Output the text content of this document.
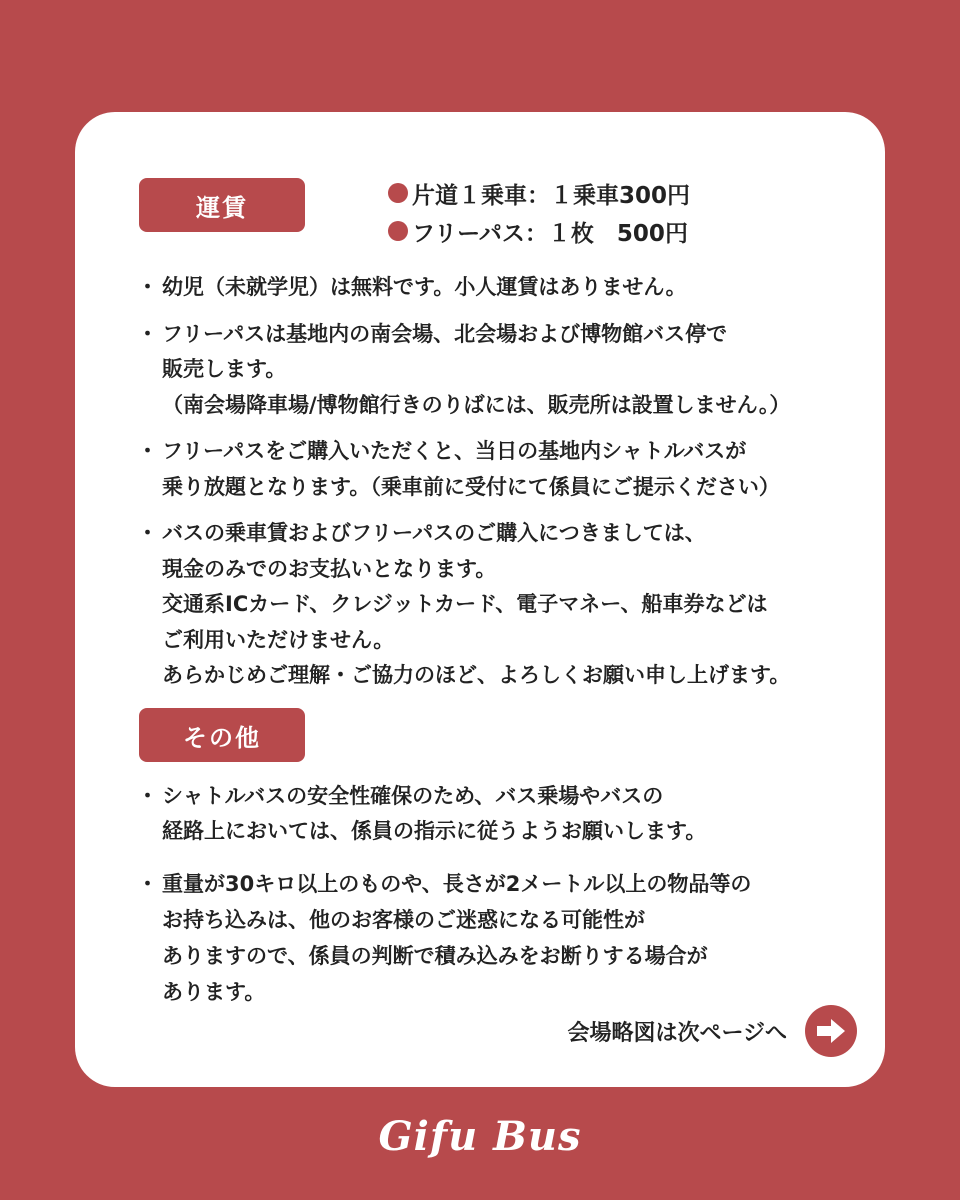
運賃	片道１乗車：１乗車300円
フリーパス：１枚　500円
・ 幼児（未就学児）は無料です。小人運賃はありません。
・ フリーパスは基地内の南会場、北会場および博物館バス停で
販売します。
（南会場降車場/博物館行きのりばには、販売所は設置しません。）
・ フリーパスをご購入いただくと、当日の基地内シャトルバスが
乗り放題となります。（乗車前に受付にて係員にご提示ください）
・ バスの乗車賃およびフリーパスのご購入につきましては、
現金のみでのお支払いとなります。
交通系ICカード、クレジットカード、電子マネー、船車券などは
ご利用いただけません。
あらかじめご理解・ご協力のほど、よろしくお願い申し上げます。
その他
・ シャトルバスの安全性確保のため、バス乗場やバスの
経路上においては、係員の指示に従うようお願いします。
・ 重量が30キロ以上のものや、長さが2メートル以上の物品等の
お持ち込みは、他のお客様のご迷惑になる可能性が
ありますので、係員の判断で積み込みをお断りする場合が
あります。
会場略図は次ページへ
Gifu Bus
